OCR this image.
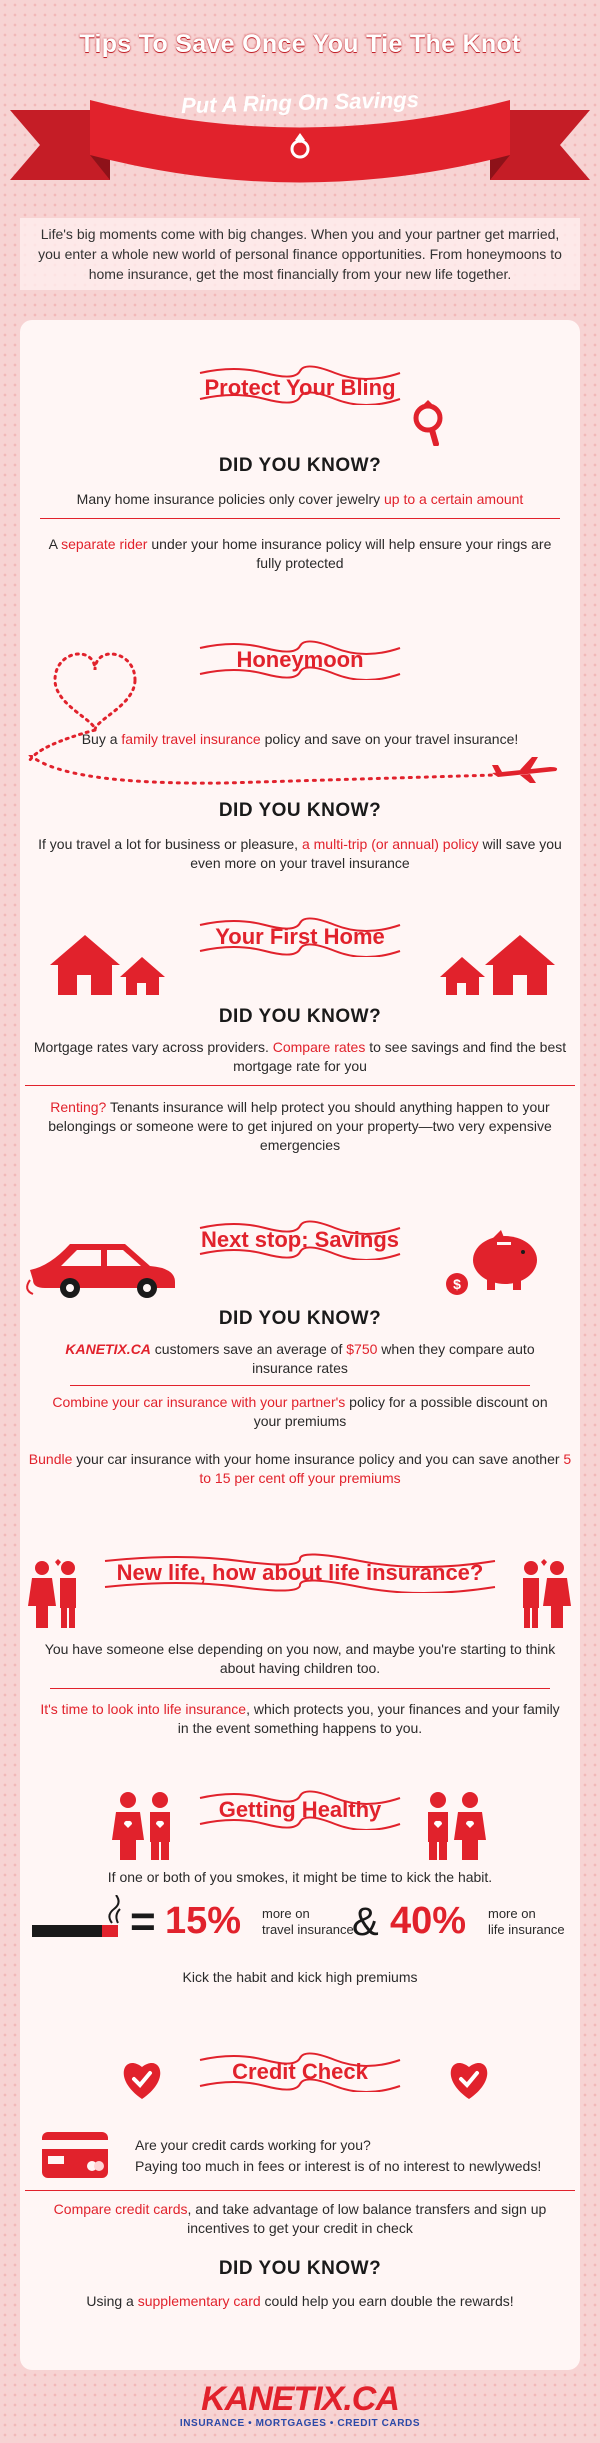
Tips To Save Once You Tie The Knot
Put A Ring On Savings
Life's big moments come with big changes. When you and your partner get married, you enter a whole new world of personal finance opportunities. From honeymoons to home insurance, get the most financially from your new life together.
Protect Your Bling
DID YOU KNOW?
Many home insurance policies only cover jewelry up to a certain amount
A separate rider under your home insurance policy will help ensure your rings are fully protected
Honeymoon
Buy a family travel insurance policy and save on your travel insurance!
DID YOU KNOW?
If you travel a lot for business or pleasure, a multi-trip (or annual) policy will save you even more on your travel insurance
Your First Home
DID YOU KNOW?
Mortgage rates vary across providers. Compare rates to see savings and find the best mortgage rate for you
Renting? Tenants insurance will help protect you should anything happen to your belongings or someone were to get injured on your property—two very expensive emergencies
$
Next stop: Savings
DID YOU KNOW?
KANETIX.CA customers save an average of $750 when they compare auto insurance rates
Combine your car insurance with your partner's policy for a possible discount on your premiums
Bundle your car insurance with your home insurance policy and you can save another 5 to 15 per cent off your premiums
New life, how about life insurance?
You have someone else depending on you now, and maybe you're starting to think about having children too.
It's time to look into life insurance, which protects you, your finances and your family in the event something happens to you.
Getting Healthy
If one or both of you smokes, it might be time to kick the habit.
= 15% more on
travel insurance
& 40% more on
life insurance
Kick the habit and kick high premiums
Credit Check
Are your credit cards working for you?
Paying too much in fees or interest is of no interest to newlyweds!
Compare credit cards, and take advantage of low balance transfers and sign up incentives to get your credit in check
DID YOU KNOW?
Using a supplementary card could help you earn double the rewards!
KANETIX.CA
INSURANCE • MORTGAGES • CREDIT CARDS
